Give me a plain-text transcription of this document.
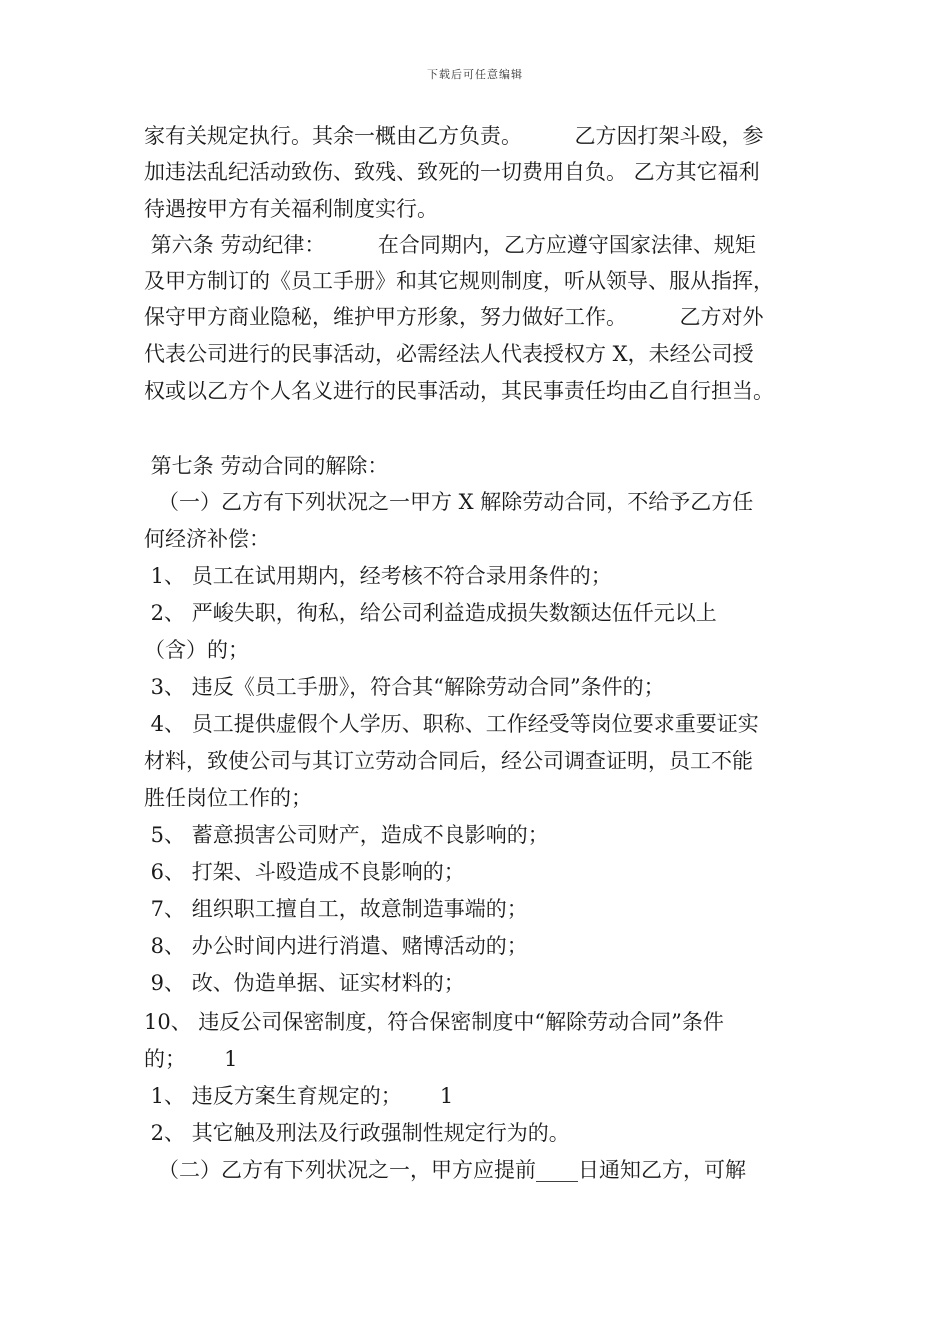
下载后可任意编辑
家有关规定执行。其余一概由乙方负责。　　　乙方因打架斗殴，参
加违法乱纪活动致伤、致残、致死的一切费用自负。 乙方其它福利
待遇按甲方有关福利制度实行。
第六条 劳动纪律：　　　在合同期内，乙方应遵守国家法律、规矩
及甲方制订的《员工手册》和其它规则制度，听从领导、服从指挥，
保守甲方商业隐秘，维护甲方形象，努力做好工作。　　　乙方对外
代表公司进行的民事活动，必需经法人代表授权方 X，未经公司授
权或以乙方个人名义进行的民事活动，其民事责任均由乙自行担当。
第七条 劳动合同的解除：
（一）乙方有下列状况之一甲方 X 解除劳动合同，不给予乙方任
何经济补偿：
1、 员工在试用期内，经考核不符合录用条件的；
2、 严峻失职，徇私，给公司利益造成损失数额达伍仟元以上
（含）的；
3、 违反《员工手册》，符合其“解除劳动合同”条件的；
4、 员工提供虚假个人学历、职称、工作经受等岗位要求重要证实
材料，致使公司与其订立劳动合同后，经公司调查证明，员工不能
胜任岗位工作的；
5、 蓄意损害公司财产，造成不良影响的；
6、 打架、斗殴造成不良影响的；
7、 组织职工擅自工，故意制造事端的；
8、 办公时间内进行消遣、赌博活动的；
9、 改、伪造单据、证实材料的；
10、 违反公司保密制度，符合保密制度中“解除劳动合同”条件
的；　　 1
1、 违反方案生育规定的；　　 1
2、 其它触及刑法及行政强制性规定行为的。
（二）乙方有下列状况之一，甲方应提前____日通知乙方，可解
